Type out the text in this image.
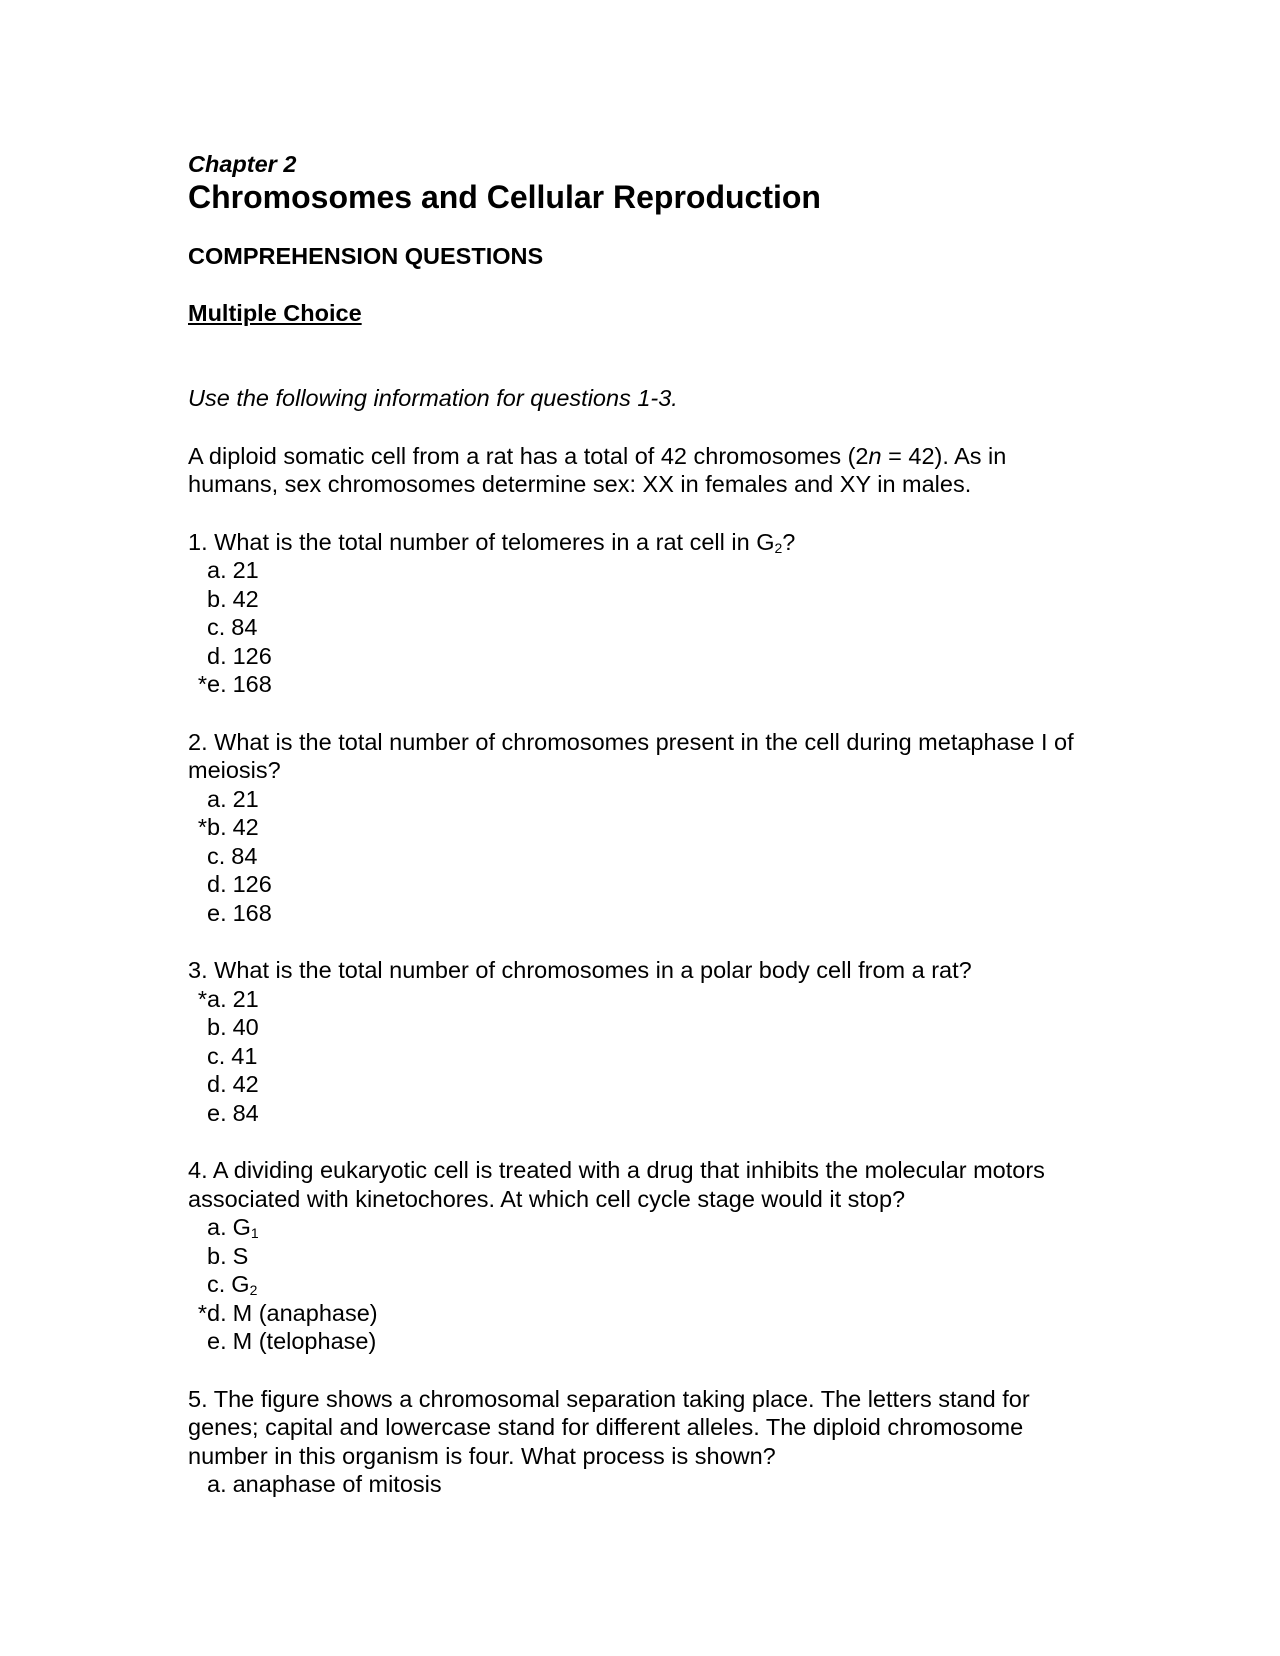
Chapter 2

Chromosomes and Cellular Reproduction
COMPREHENSION QUESTIONS
Multiple Choice

Use the following information for questions 1-3.

A diploid somatic cell from a rat has a total of 42 chromosomes (2n = 42). As in humans, sex chromosomes determine sex: XX in females and XY in males.

1. What is the total number of telomeres in a rat cell in $G_2$?

a. 21
b. 42
c. 84
d. 126
* e. 168

2. What is the total number of chromosomes present in the cell during metaphase I of meiosis?

a. 21
* b. 42
c. 84
d. 126
e. 168

3. What is the total number of chromosomes in a polar body cell from a rat?

* a. 21
b. 40
c. 41
d. 42
e. 84

4. A dividing eukaryotic cell is treated with a drug that inhibits the molecular motors associated with kinetochores. At which cell cycle stage would it stop?

a. $G_1$
b. S
c. $G_2$
* d. M (anaphase)
e. M (telophase)

5. The figure shows a chromosomal separation taking place. The letters stand for genes; capital and lowercase stand for different alleles. The diploid chromosome number in this organism is four. What process is shown?

a. anaphase of mitosis
